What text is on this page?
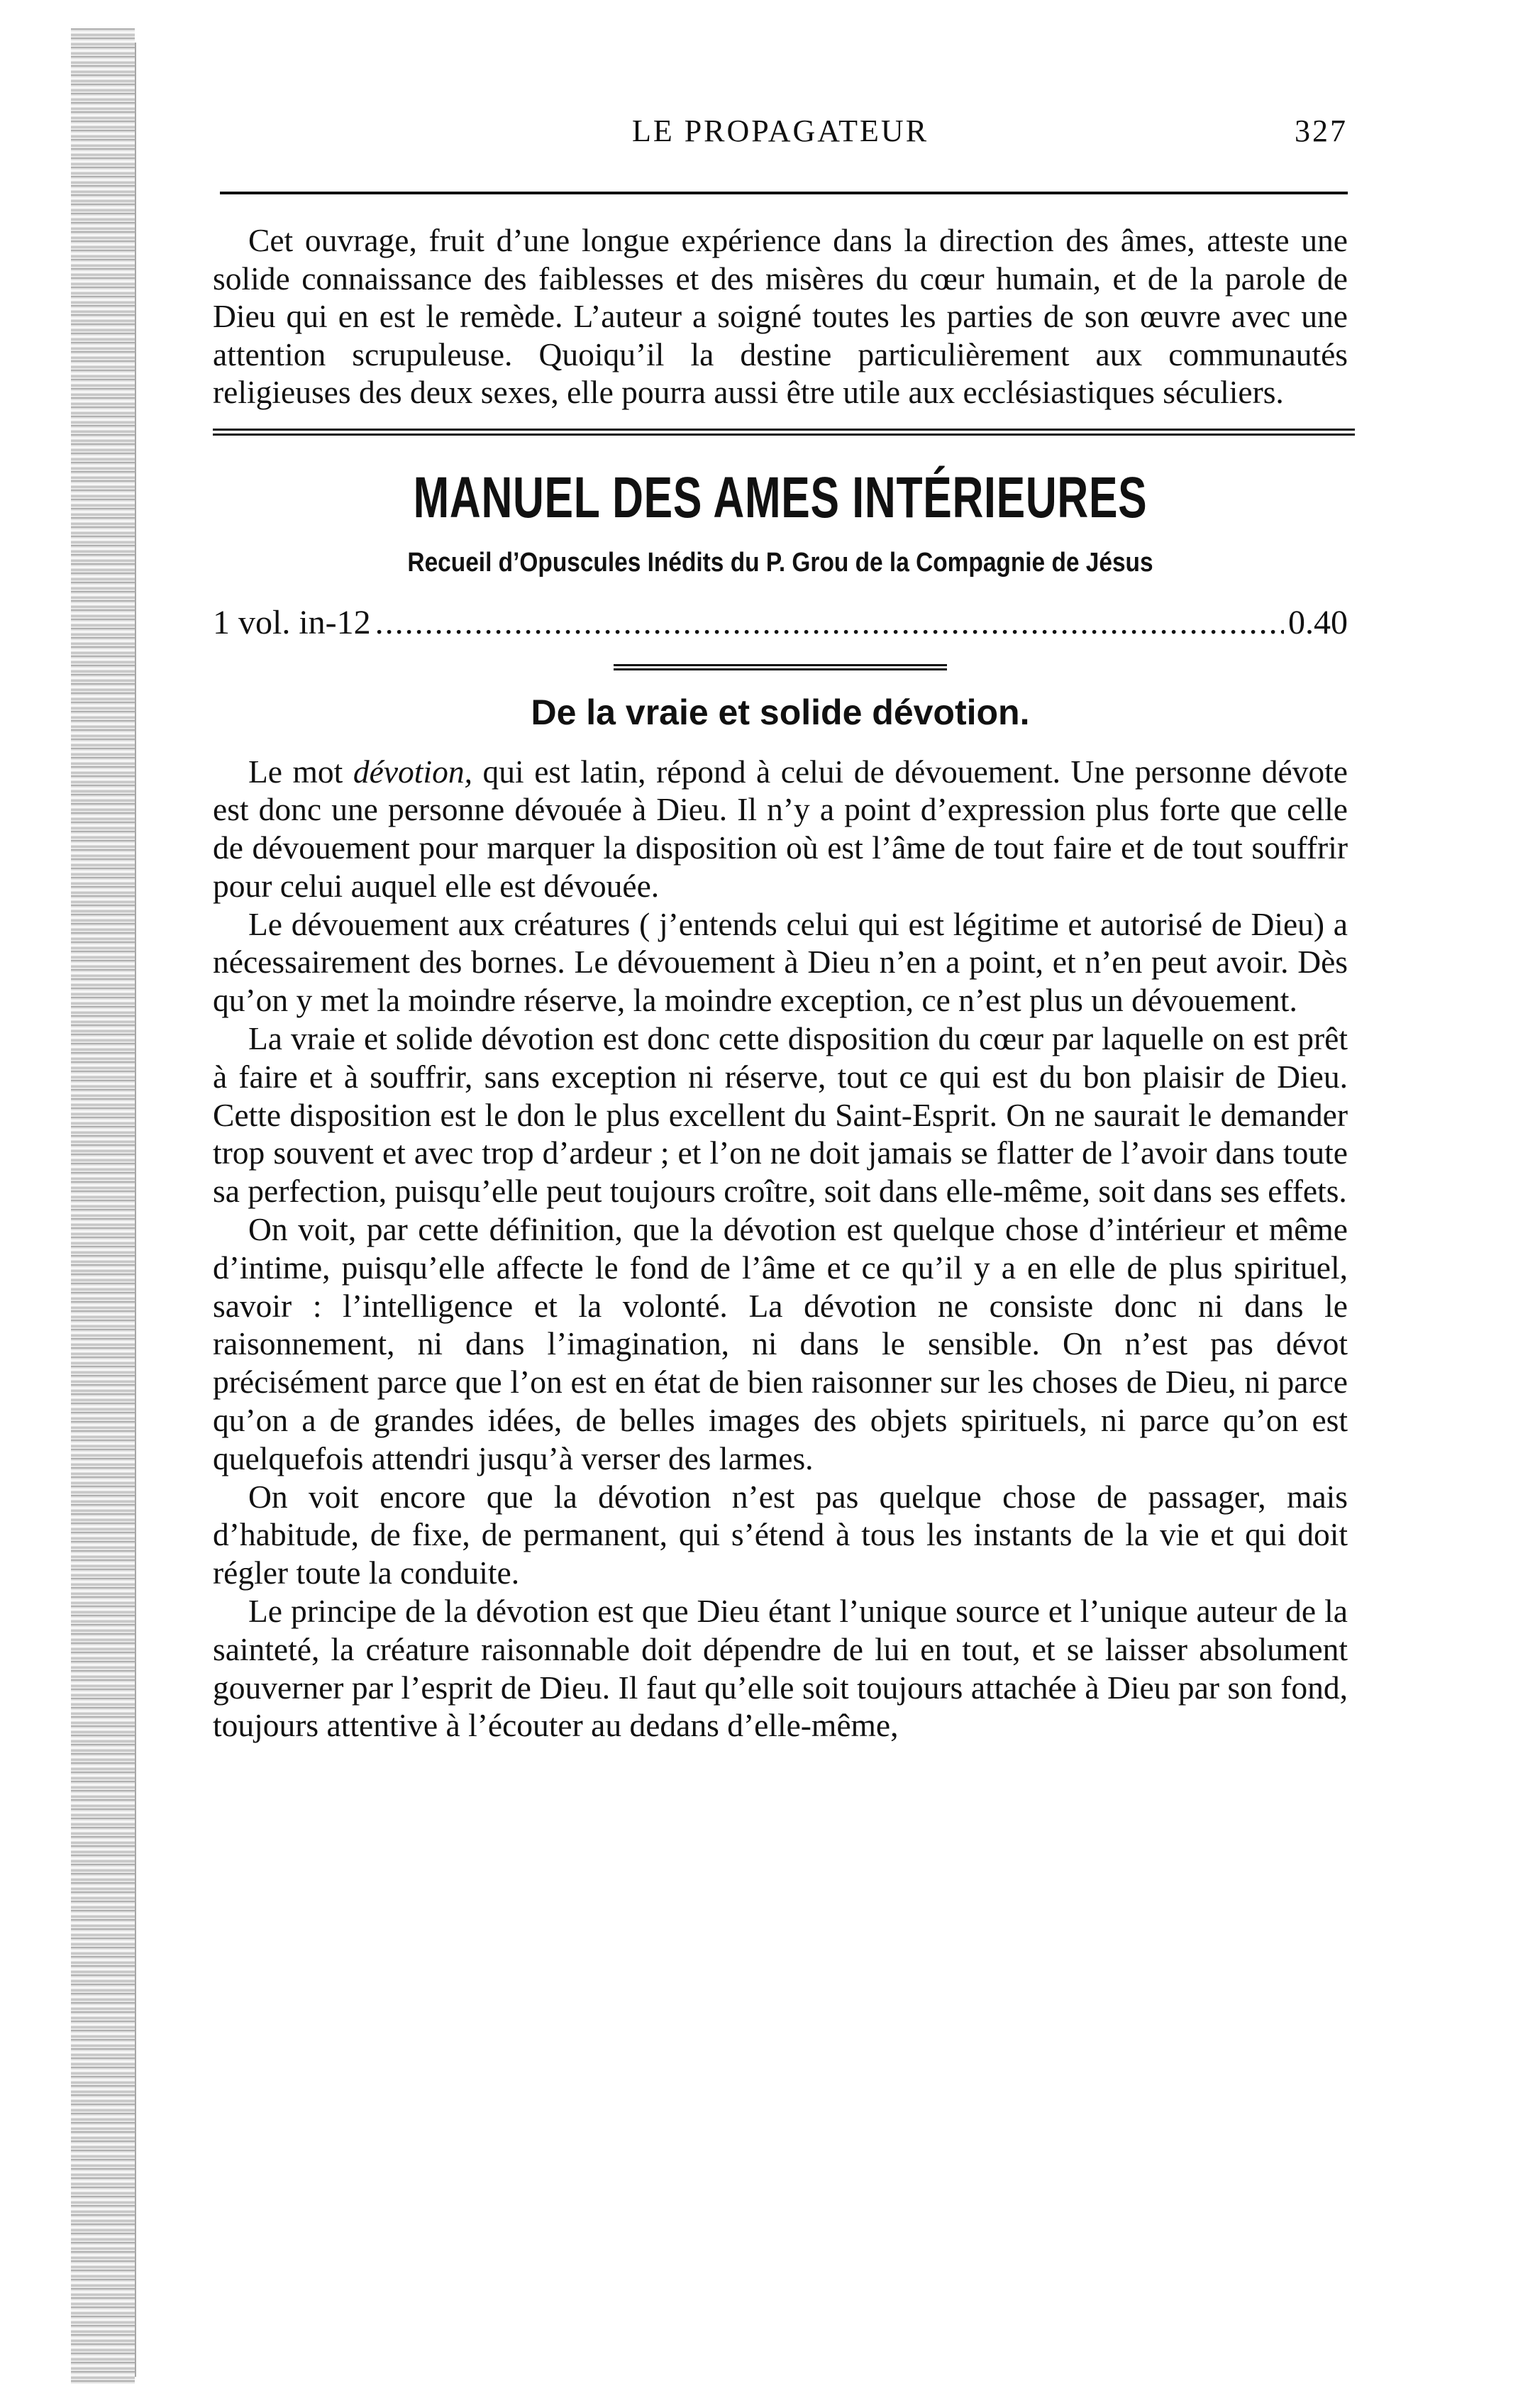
LE PROPAGATEUR	327

Cet ouvrage, fruit d’une longue expérience dans la direction des âmes, atteste une solide connaissance des faiblesses et des misères du cœur humain, et de la parole de Dieu qui en est le remède. L’auteur a soigné toutes les parties de son œuvre avec une attention scrupuleuse. Quoiqu’il la destine particulièrement aux communautés religieuses des deux sexes, elle pourra aussi être utile aux ecclésiastiques séculiers.

MANUEL DES AMES INTÉRIEURES
Recueil d’Opuscules Inédits du P. Grou de la Compagnie de Jésus
1 vol. in-12
.....	0.40
De la vraie et solide dévotion.

Le mot dévotion, qui est latin, répond à celui de dévouement. Une personne dévote est donc une personne dévouée à Dieu. Il n’y a point d’expression plus forte que celle de dévouement pour marquer la disposition où est l’âme de tout faire et de tout souffrir pour celui auquel elle est dévouée.

Le dévouement aux créatures ( j’entends celui qui est légitime et autorisé de Dieu) a nécessairement des bornes. Le dévouement à Dieu n’en a point, et n’en peut avoir. Dès qu’on y met la moindre réserve, la moindre exception, ce n’est plus un dévouement.

La vraie et solide dévotion est donc cette disposition du cœur par laquelle on est prêt à faire et à souffrir, sans exception ni réserve, tout ce qui est du bon plaisir de Dieu. Cette disposition est le don le plus excellent du Saint-Esprit. On ne saurait le demander trop souvent et avec trop d’ardeur ; et l’on ne doit jamais se flatter de l’avoir dans toute sa perfection, puisqu’elle peut toujours croître, soit dans elle-même, soit dans ses effets.

On voit, par cette définition, que la dévotion est quelque chose d’intérieur et même d’intime, puisqu’elle affecte le fond de l’âme et ce qu’il y a en elle de plus spirituel, savoir : l’intelligence et la volonté. La dévotion ne consiste donc ni dans le raisonnement, ni dans l’imagination, ni dans le sensible. On n’est pas dévot précisément parce que l’on est en état de bien raisonner sur les choses de Dieu, ni parce qu’on a de grandes idées, de belles images des objets spirituels, ni parce qu’on est quelquefois attendri jusqu’à verser des larmes.

On voit encore que la dévotion n’est pas quelque chose de passager, mais d’habitude, de fixe, de permanent, qui s’étend à tous les instants de la vie et qui doit régler toute la conduite.

Le principe de la dévotion est que Dieu étant l’unique source et l’unique auteur de la sainteté, la créature raisonnable doit dépendre de lui en tout, et se laisser absolument gouverner par l’esprit de Dieu. Il faut qu’elle soit toujours attachée à Dieu par son fond, toujours attentive à l’écouter au dedans d’elle-même,
